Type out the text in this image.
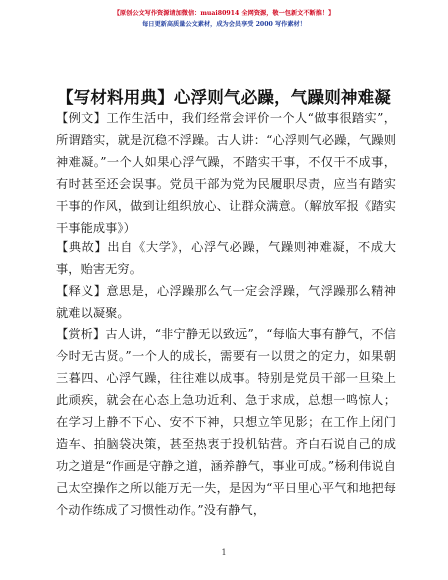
【原创公文写作资源请加微信：muai80914 全网资源，敬一包新文不断推！】
每日更新高质量公文素材，成为会员享受 2000 写作素材！
【写材料用典】心浮则气必躁，气躁则神难凝
【例文】工作生活中，我们经常会评价一个人“做事很踏实”，所谓踏实，就是沉稳不浮躁。古人讲：“心浮则气必躁，气躁则神难凝。”一个人如果心浮气躁，不踏实干事，不仅干不成事，有时甚至还会误事。党员干部为党为民履职尽责，应当有踏实干事的作风，做到让组织放心、让群众满意。（解放军报《踏实干事能成事》）
【典故】出自《大学》，心浮气必躁，气躁则神难凝，不成大事，贻害无穷。
【释义】意思是，心浮躁那么气一定会浮躁，气浮躁那么精神就难以凝聚。
【赏析】古人讲，“非宁静无以致远”，“每临大事有静气，不信今时无古贤。”一个人的成长，需要有一以贯之的定力，如果朝三暮四、心浮气躁，往往难以成事。特别是党员干部一旦染上此顽疾，就会在心态上急功近利、急于求成，总想一鸣惊人；在学习上静不下心、安不下神，只想立竿见影；在工作上闭门造车、拍脑袋决策，甚至热衷于投机钻营。齐白石说自己的成功之道是“作画是守静之道，涵养静气，事业可成。”杨利伟说自己太空操作之所以能万无一失，是因为“平日里心平气和地把每个动作练成了习惯性动作。”没有静气，
1
